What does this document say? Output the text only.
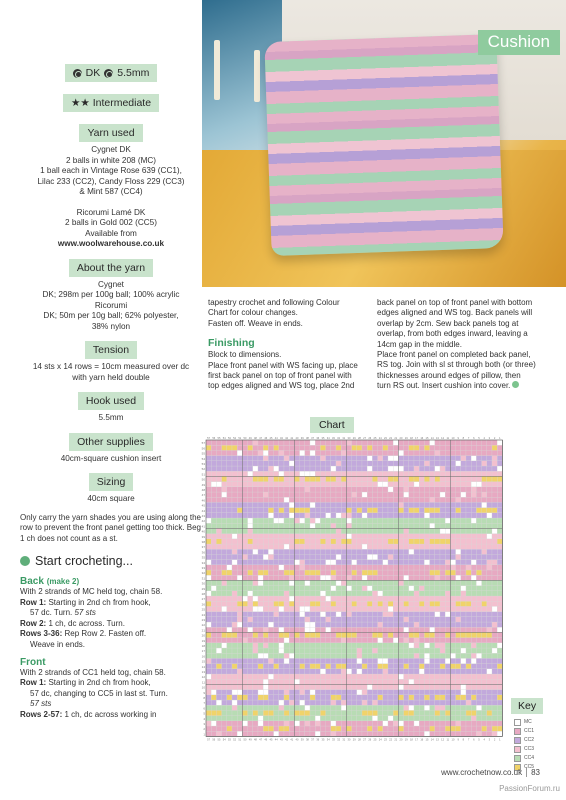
DK 5.5mm
★★ Intermediate
Yarn used
Cygnet DK
2 balls in white 208 (MC)
1 ball each in Vintage Rose 639 (CC1),
Lilac 233 (CC2), Candy Floss 229 (CC3)
& Mint 587 (CC4)
Ricorumi Lamé DK
2 balls in Gold 002 (CC5)
Available from
www.woolwarehouse.co.uk
About the yarn
Cygnet
DK; 298m per 100g ball; 100% acrylic
Ricorumi
DK; 50m per 10g ball; 62% polyester,
38% nylon
Tension
14 sts x 14 rows = 10cm measured over dc
with yarn held double
Hook used
5.5mm
Other supplies
40cm-square cushion insert
Sizing
40cm square
Only carry the yarn shades you are using along the row to prevent the front panel getting too thick. Beg 1 ch does not count as a st.
Start crocheting...
Back (make 2)
With 2 strands of MC held tog, chain 58.
Row 1: Starting in 2nd ch from hook,
57 dc. Turn. 57 sts
Row 2: 1 ch, dc across. Turn.
Rows 3-36: Rep Row 2. Fasten off.
Weave in ends.
Front
With 2 strands of CC1 held tog, chain 58.
Row 1: Starting in 2nd ch from hook,
57 dc, changing to CC5 in last st. Turn.
57 sts
Rows 2-57: 1 ch, dc across working in
Cushion
tapestry crochet and following Colour
Chart for colour changes.
Fasten off. Weave in ends.
Finishing
Block to dimensions.
Place front panel with WS facing up, place
first back panel on top of front panel with
top edges aligned and WS tog, place 2nd
back panel on top of front panel with bottom
edges aligned and WS tog. Back panels will
overlap by 2cm. Sew back panels tog at
overlap, from both edges inward, leaving a
14cm gap in the middle.
Place front panel on completed back panel,
RS tog. Join with sl st through both (or three)
thicknesses around edges of pillow, then
turn RS out. Insert cushion into cover.
Chart
1
2
3
4
5
6
7
8
9
10
11
12
13
14
15
16
17
18
19
20
21
22
23
24
25
26
27
28
29
30
31
32
33
34
35
36
37
38
39
40
41
42
43
44
45
46
47
48
49
50
51
52
53
54
55
56
57
57
57
56
56
55
55
54
54
53
53
52
52
51
51
50
50
49
49
48
48
47
47
46
46
45
45
44
44
43
43
42
42
41
41
40
40
39
39
38
38
37
37
36
36
35
35
34
34
33
33
32
32
31
31
30
30
29
29
28
28
27
27
26
26
25
25
24
24
23
23
22
22
21
21
20
20
19
19
18
18
17
17
16
16
15
15
14
14
13
13
12
12
11
11
10
10
9
9
8
8
7
7
6
6
5
5
4
4
3
3
2
2
1
1
Key
MC
CC1
CC2
CC3
CC4
CC5
www.crochetnow.co.uk 83
PassionForum.ru
